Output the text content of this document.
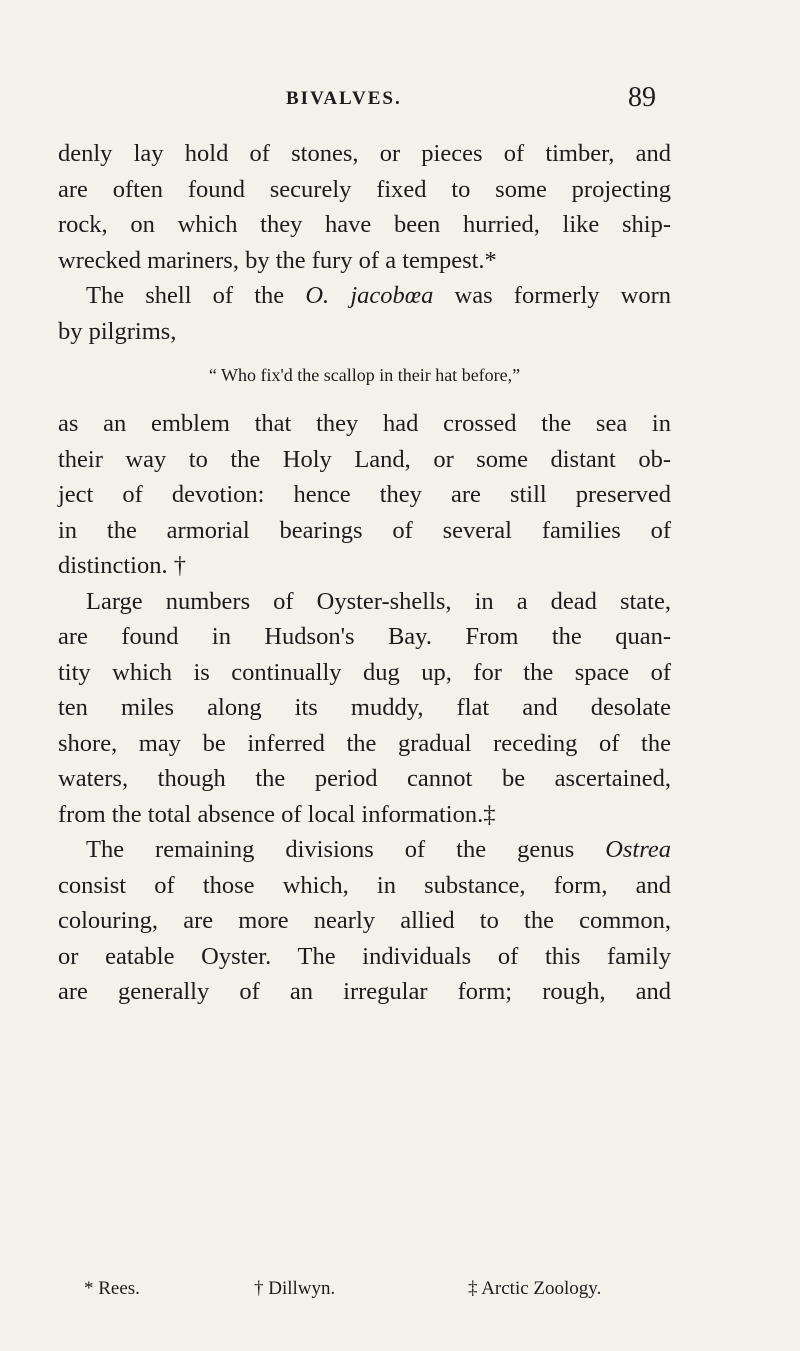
BIVALVES.	89
denly lay hold of stones, or pieces of timber, and
are often found securely fixed to some projecting
rock, on which they have been hurried, like ship-
wrecked mariners, by the fury of a tempest.*
The shell of the O. jacobœa was formerly worn
by pilgrims,
“ Who fix'd the scallop in their hat before,”
as an emblem that they had crossed the sea in
their way to the Holy Land, or some distant ob-
ject of devotion: hence they are still preserved
in the armorial bearings of several families of
distinction. †
Large numbers of Oyster-shells, in a dead state,
are found in Hudson's Bay. From the quan-
tity which is continually dug up, for the space of
ten miles along its muddy, flat and desolate
shore, may be inferred the gradual receding of the
waters, though the period cannot be ascertained,
from the total absence of local information.‡
The remaining divisions of the genus Ostrea
consist of those which, in substance, form, and
colouring, are more nearly allied to the common,
or eatable Oyster. The individuals of this family
are generally of an irregular form; rough, and
* Rees.	† Dillwyn.	‡ Arctic Zoology.
